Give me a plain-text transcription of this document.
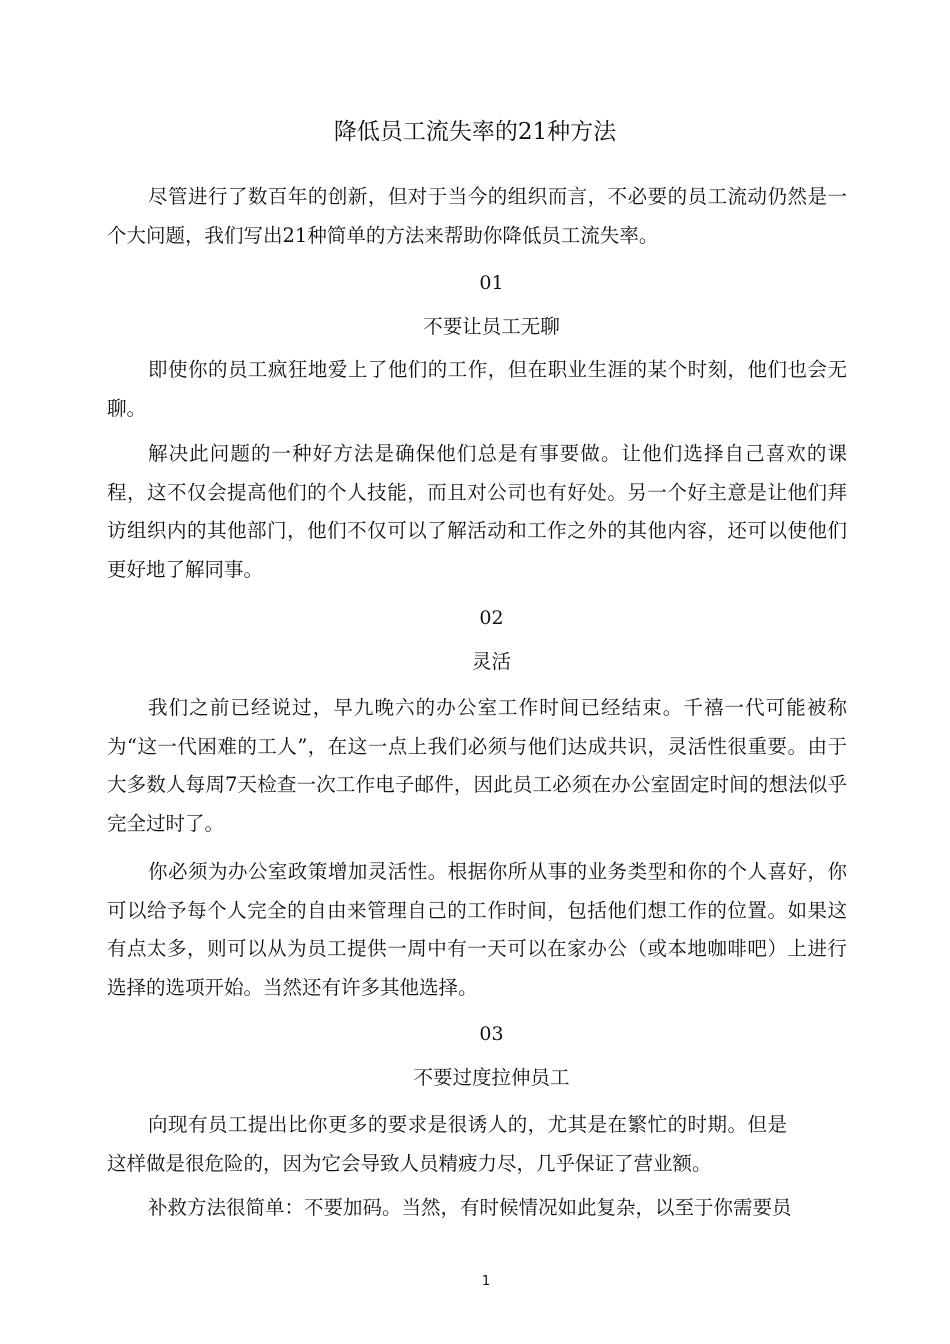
降低员工流失率的21种方法

尽管进行了数百年的创新，但对于当今的组织而言，不必要的员工流动仍然是一个大问题，我们写出21种简单的方法来帮助你降低员工流失率。

01
不要让员工无聊

即使你的员工疯狂地爱上了他们的工作，但在职业生涯的某个时刻，他们也会无聊。

解决此问题的一种好方法是确保他们总是有事要做。让他们选择自己喜欢的课程，这不仅会提高他们的个人技能，而且对公司也有好处。另一个好主意是让他们拜访组织内的其他部门，他们不仅可以了解活动和工作之外的其他内容，还可以使他们更好地了解同事。

02
灵活

我们之前已经说过，早九晚六的办公室工作时间已经结束。千禧一代可能被称为“这一代困难的工人”，在这一点上我们必须与他们达成共识，灵活性很重要。由于大多数人每周7天检查一次工作电子邮件，因此员工必须在办公室固定时间的想法似乎完全过时了。

你必须为办公室政策增加灵活性。根据你所从事的业务类型和你的个人喜好，你可以给予每个人完全的自由来管理自己的工作时间，包括他们想工作的位置。如果这有点太多，则可以从为员工提供一周中有一天可以在家办公（或本地咖啡吧）上进行选择的选项开始。当然还有许多其他选择。

03
不要过度拉伸员工

向现有员工提出比你更多的要求是很诱人的，尤其是在繁忙的时期。但是这样做是很危险的，因为它会导致人员精疲力尽，几乎保证了营业额。

补救方法很简单：不要加码。当然，有时候情况如此复杂，以至于你需要员

1
